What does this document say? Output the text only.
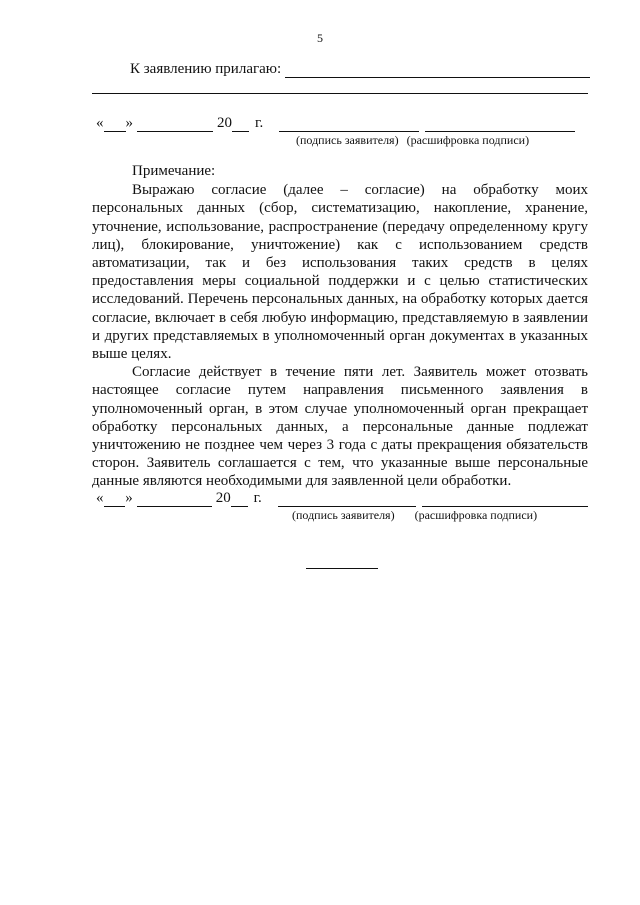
5
К заявлению прилагаю:
« »	20 г.
(подпись заявителя) (расшифровка подписи)

Примечание:

Выражаю согласие (далее – согласие) на обработку моих персональных данных (сбор, систематизацию, накопление, хранение, уточнение, использование, распространение (передачу определенному кругу лиц), блокирование, уничтожение) как с использованием средств автоматизации, так и без использования таких средств в целях предоставления меры социальной поддержки и с целью статистических исследований. Перечень персональных данных, на обработку которых дается согласие, включает в себя любую информацию, представляемую в заявлении и других представляемых в уполномоченный орган документах в указанных выше целях.

Согласие действует в течение пяти лет. Заявитель может отозвать настоящее согласие путем направления письменного заявления в уполномоченный орган, в этом случае уполномоченный орган прекращает обработку персональных данных, а персональные данные подлежат уничтожению не позднее чем через 3 года с даты прекращения обязательств сторон. Заявитель соглашается с тем, что указанные выше персональные данные являются необходимыми для заявленной цели обработки.

« »	20 г.
(подпись заявителя) (расшифровка подписи)
